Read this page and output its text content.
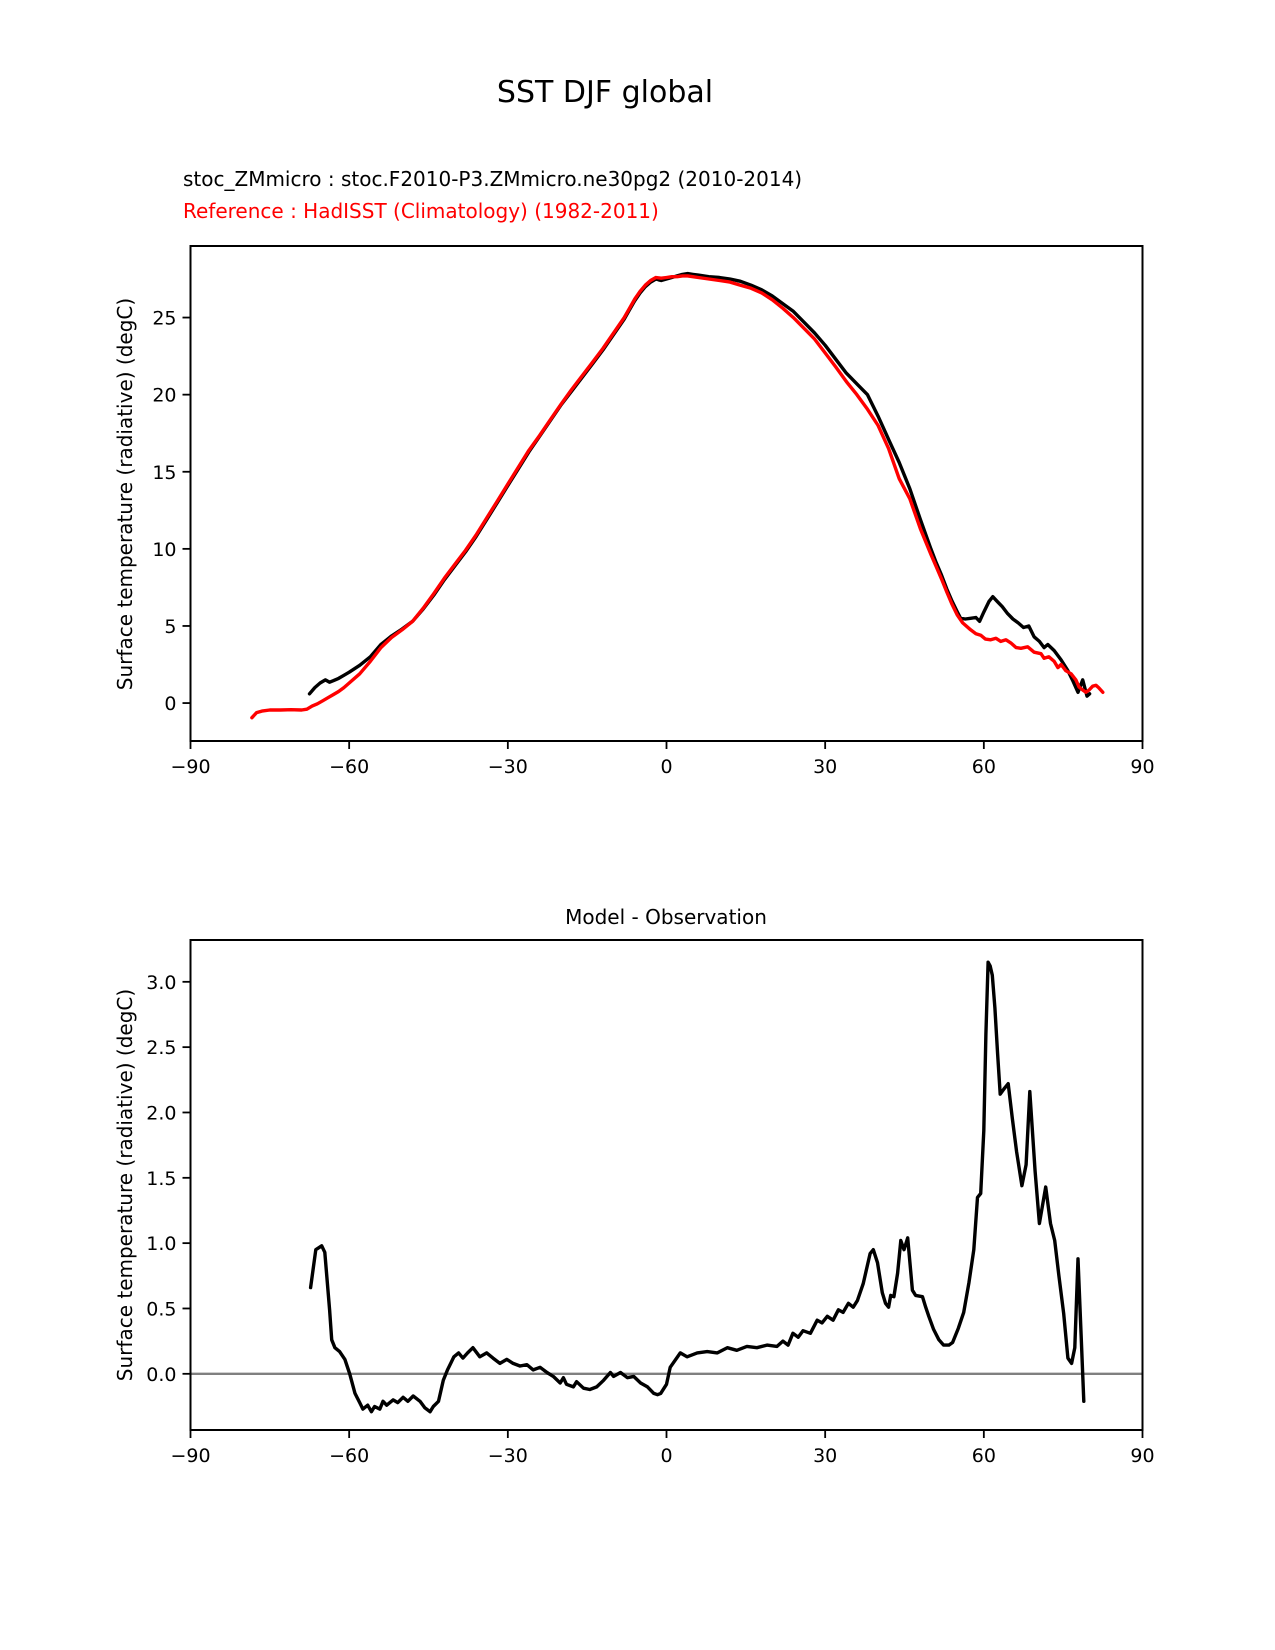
SST DJF global
stoc_ZMmicro : stoc.F2010-P3.ZMmicro.ne30pg2 (2010-2014)
Reference : HadISST (Climatology) (1982-2011)
Surface temperature (radiative) (degC)
Surface temperature (radiative) (degC)
Model - Observation
−90	−60	−30	0	30	60	90
0
5
10
15
20
25
−90	−60	−30	0	30	60	90
0.0
0.5
1.0
1.5
2.0
2.5
3.0
